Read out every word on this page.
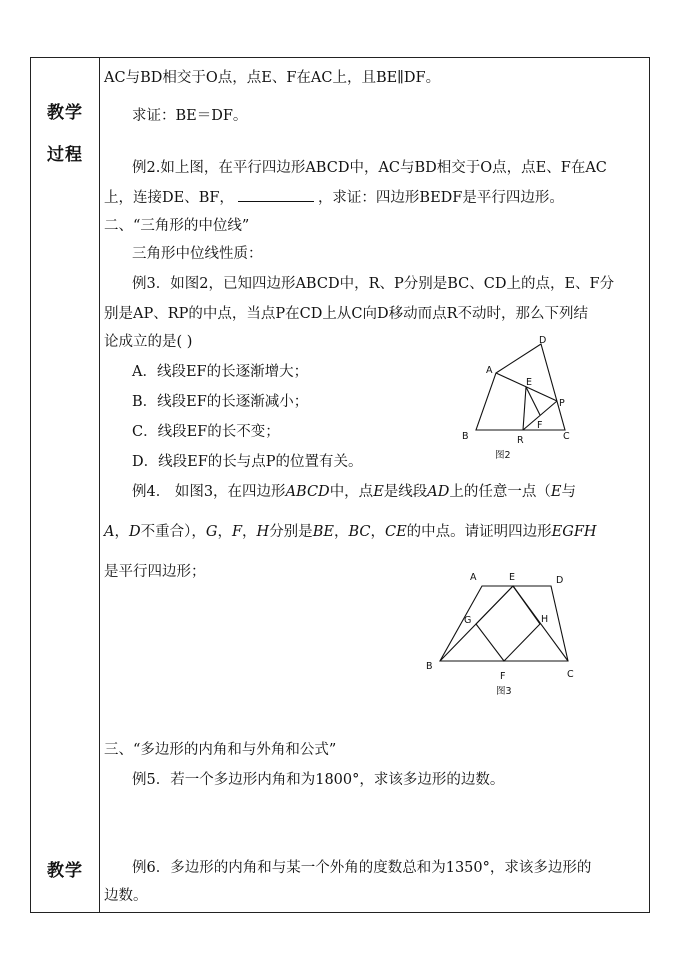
教学
过程
教学
AC与BD相交于O点，点E、F在AC上，且BE∥DF。
求证：BE＝DF。
例2.如上图，在平行四边形ABCD中，AC与BD相交于O点，点E、F在AC
上，连接DE、BF，	，求证：四边形BEDF是平行四边形。
二、“三角形的中位线”
三角形中位线性质：
例3．如图2，已知四边形ABCD中，R、P分别是BC、CD上的点，E、F分
别是AP、RP的中点，当点P在CD上从C向D移动而点R不动时，那么下列结
论成立的是( )
A．线段EF的长逐渐增大；
B．线段EF的长逐渐减小；
C．线段EF的长不变；
D．线段EF的长与点P的位置有关。
例4． 如图3，在四边形ABCD中，点E是线段AD上的任意一点（E与
A，D不重合），G，F，H分别是BE，BC，CE的中点。请证明四边形EGFH
是平行四边形；
三、“多边形的内角和与外角和公式”
例5．若一个多边形内角和为1800°，求该多边形的边数。
例6．多边形的内角和与某一个外角的度数总和为1350°，求该多边形的
边数。
A
D
E
P
F
B	R	C
图2
A	E	D
G	H
B
F	C
图3
